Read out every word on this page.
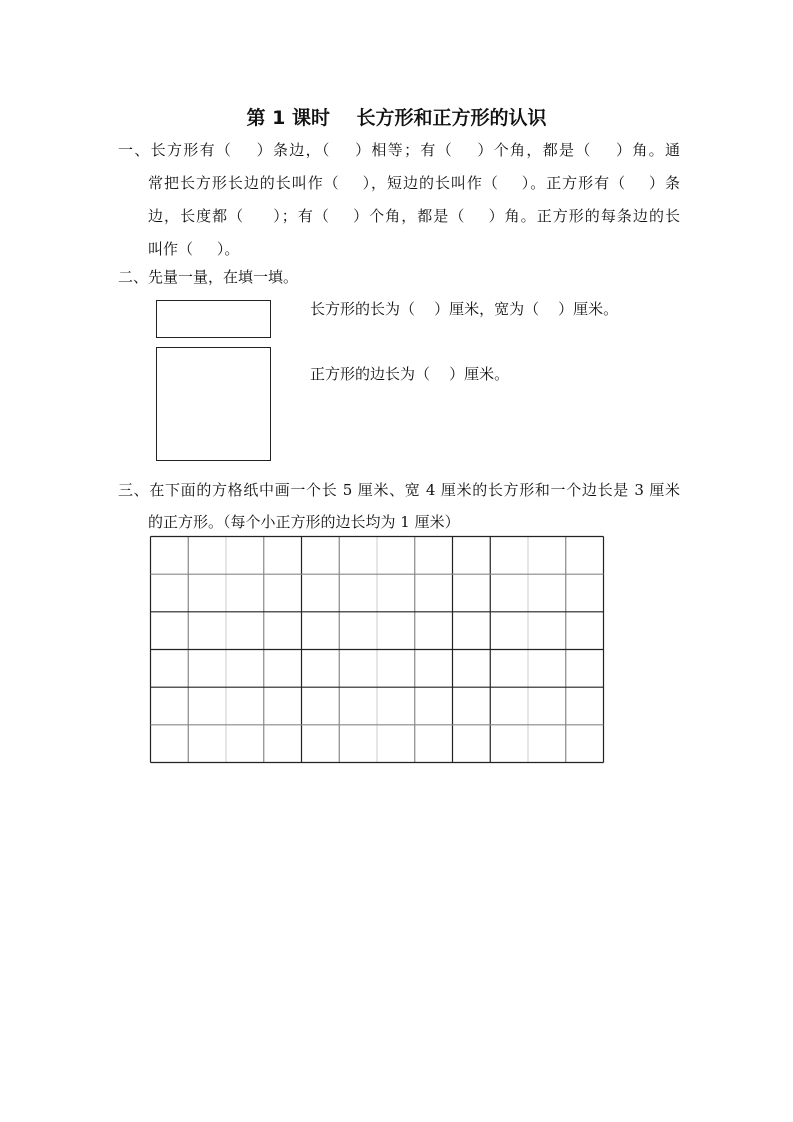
第 1 课时    长方形和正方形的认识
一、长方形有（    ）条边，（    ）相等；有（    ）个角，都是（    ）角。通
常把长方形长边的长叫作（    ），短边的长叫作（    ）。正方形有（    ）条
边，长度都（     ）；有（    ）个角，都是（    ）角。正方形的每条边的长
叫作（     ）。
二、先量一量，在填一填。
长方形的长为（    ）厘米，宽为（    ）厘米。
正方形的边长为（    ）厘米。
三、在下面的方格纸中画一个长 5 厘米、宽 4 厘米的长方形和一个边长是 3 厘米
的正方形。（每个小正方形的边长均为 1 厘米）
